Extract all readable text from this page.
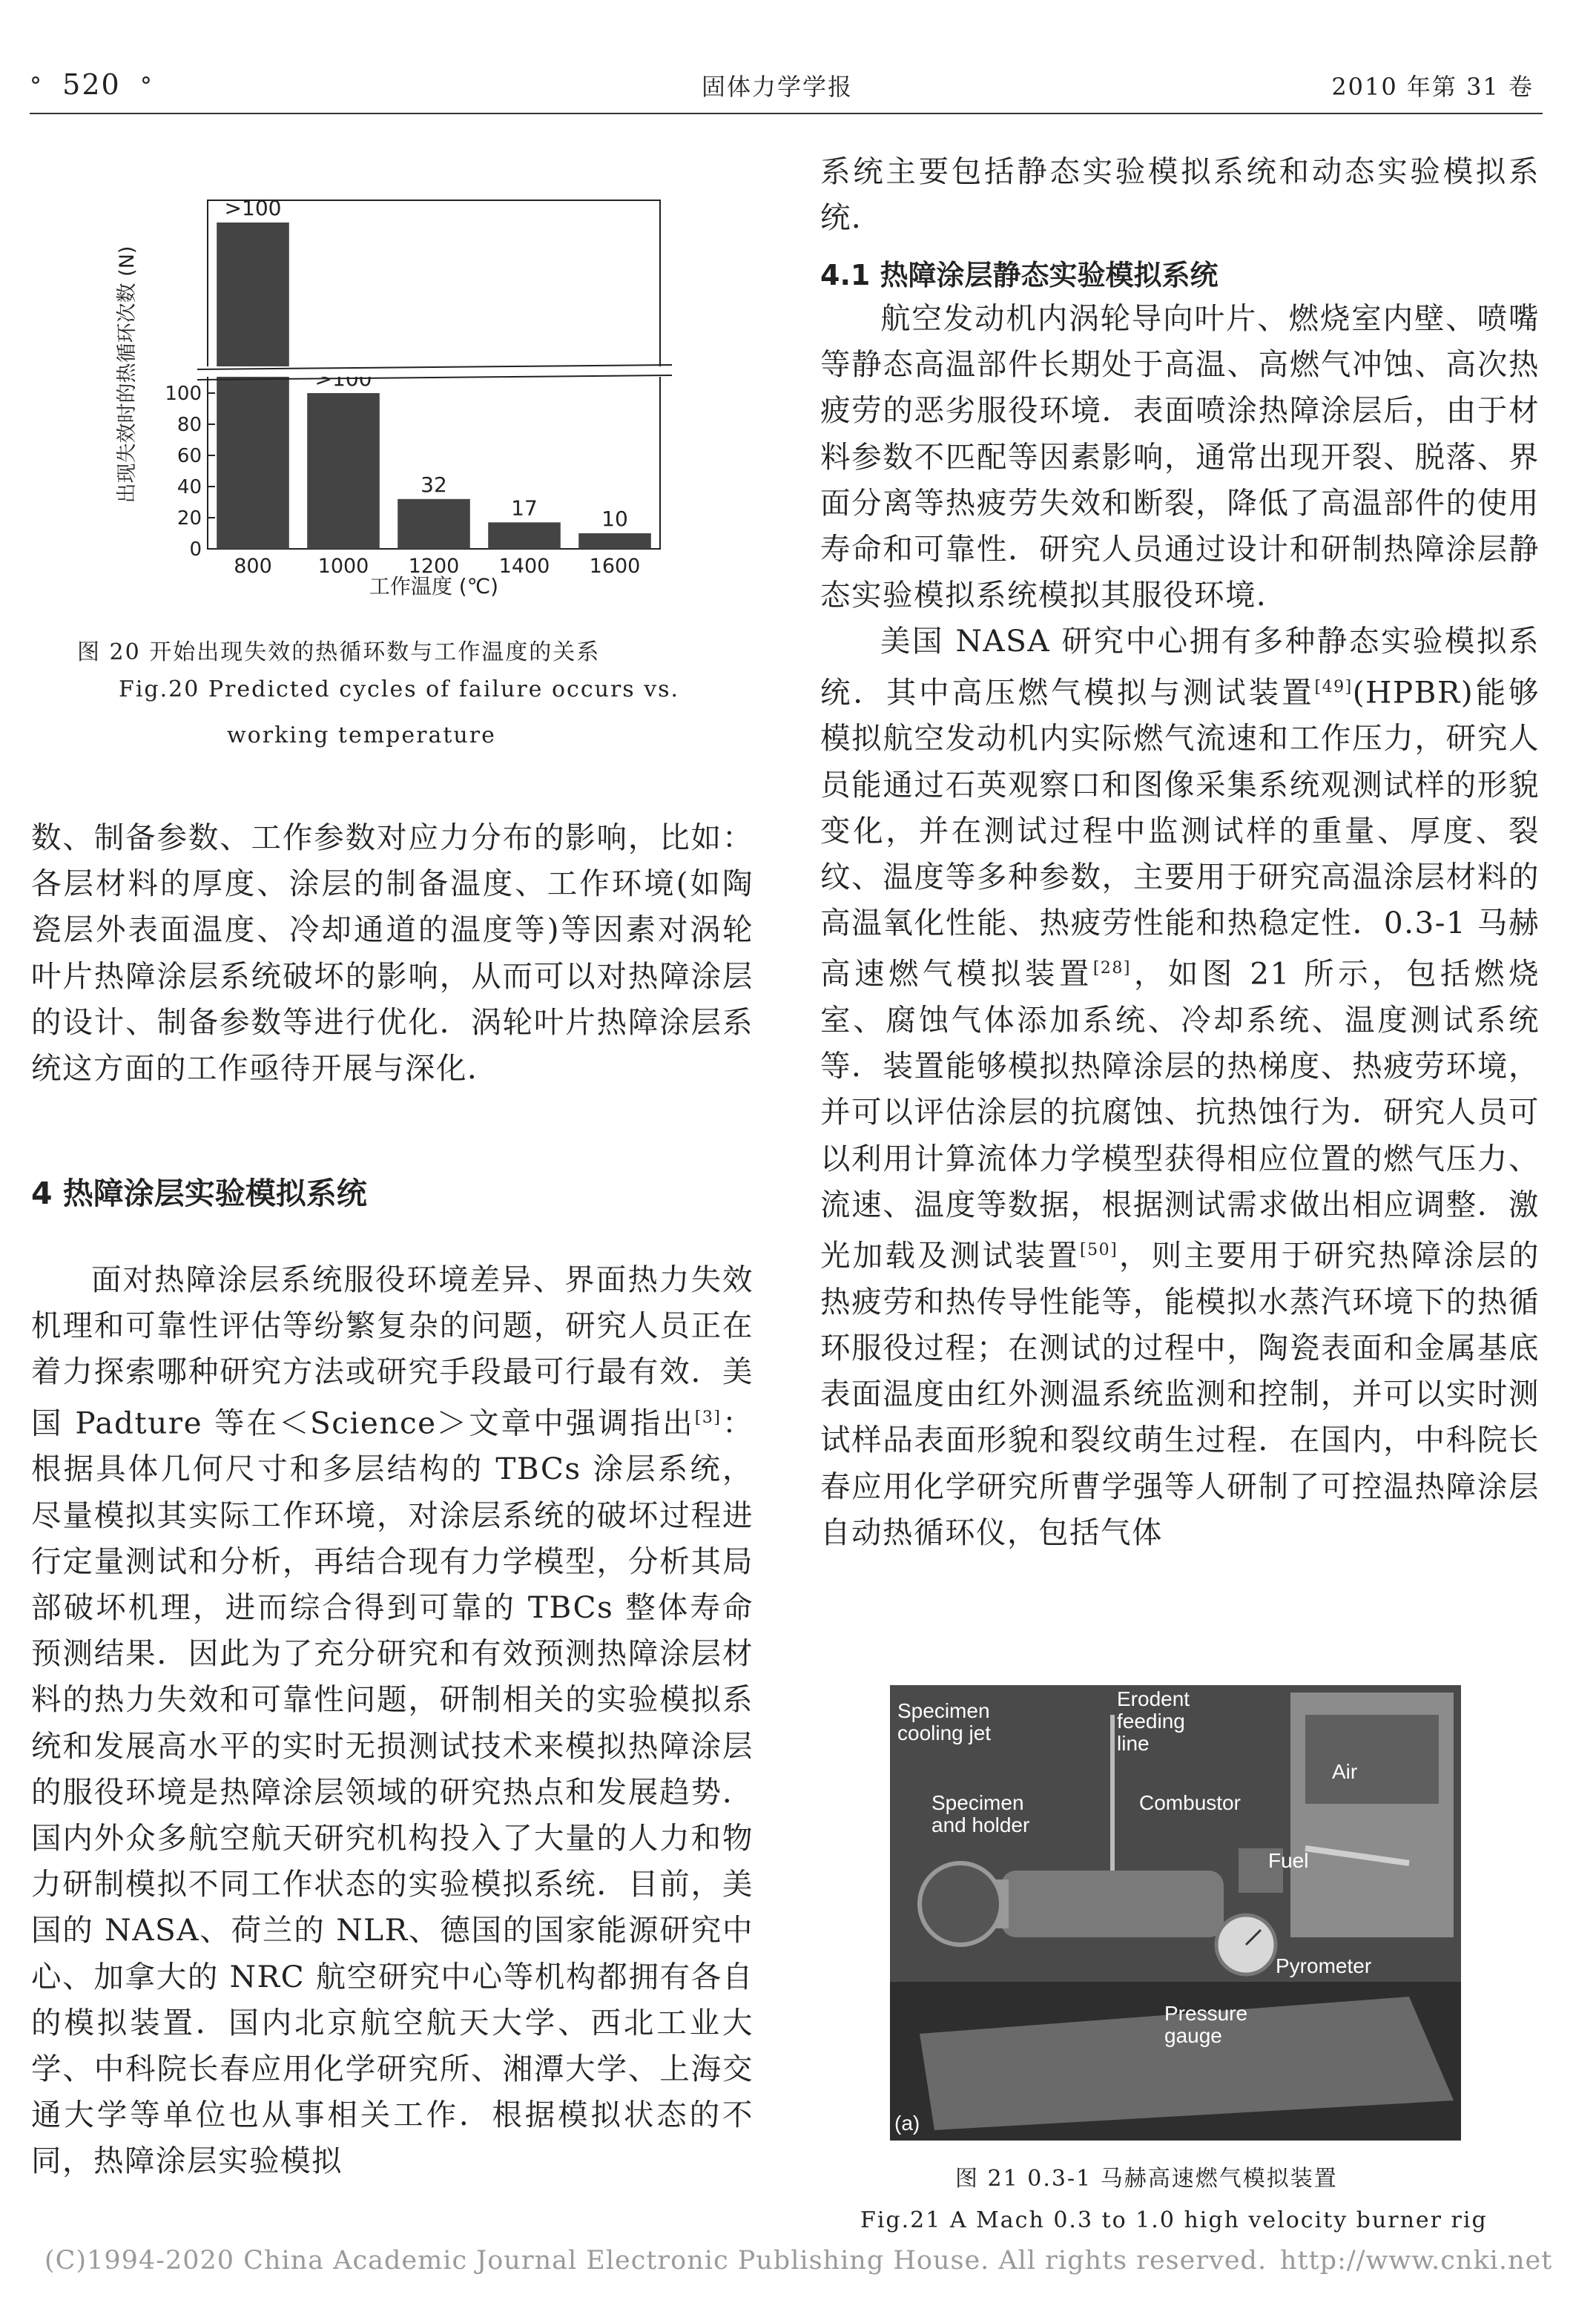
° 520 °	固体力学学报	2010 年第 31 卷
出现失效时的热循环次数 (N)
工作温度 (℃)
0
20
40
60
80
100
800 1000 1200 1400 1600
>100
32
17	10
图 20 开始出现失效的热循环数与工作温度的关系
Fig.20 Predicted cycles of failure occurs vs.
working temperature

数、制备参数、工作参数对应力分布的影响，比如：各层材料的厚度、涂层的制备温度、工作环境(如陶瓷层外表面温度、冷却通道的温度等)等因素对涡轮叶片热障涂层系统破坏的影响，从而可以对热障涂层的设计、制备参数等进行优化．涡轮叶片热障涂层系统这方面的工作亟待开展与深化．

4 热障涂层实验模拟系统

面对热障涂层系统服役环境差异、界面热力失效机理和可靠性评估等纷繁复杂的问题，研究人员正在着力探索哪种研究方法或研究手段最可行最有效．美国 Padture 等在＜Science＞文章中强调指出[3]：根据具体几何尺寸和多层结构的 TBCs 涂层系统，尽量模拟其实际工作环境，对涂层系统的破坏过程进行定量测试和分析，再结合现有力学模型，分析其局部破坏机理，进而综合得到可靠的 TBCs 整体寿命预测结果．因此为了充分研究和有效预测热障涂层材料的热力失效和可靠性问题，研制相关的实验模拟系统和发展高水平的实时无损测试技术来模拟热障涂层的服役环境是热障涂层领域的研究热点和发展趋势．国内外众多航空航天研究机构投入了大量的人力和物力研制模拟不同工作状态的实验模拟系统．目前，美国的 NASA、荷兰的 NLR、德国的国家能源研究中心、加拿大的 NRC 航空研究中心等机构都拥有各自的模拟装置．国内北京航空航天大学、西北工业大学、中科院长春应用化学研究所、湘潭大学、上海交通大学等单位也从事相关工作．根据模拟状态的不同，热障涂层实验模拟

系统主要包括静态实验模拟系统和动态实验模拟系统．

4.1 热障涂层静态实验模拟系统

航空发动机内涡轮导向叶片、燃烧室内壁、喷嘴等静态高温部件长期处于高温、高燃气冲蚀、高次热疲劳的恶劣服役环境．表面喷涂热障涂层后，由于材料参数不匹配等因素影响，通常出现开裂、脱落、界面分离等热疲劳失效和断裂，降低了高温部件的使用寿命和可靠性．研究人员通过设计和研制热障涂层静态实验模拟系统模拟其服役环境．

美国 NASA 研究中心拥有多种静态实验模拟系统．其中高压燃气模拟与测试装置[49](HPBR)能够模拟航空发动机内实际燃气流速和工作压力，研究人员能通过石英观察口和图像采集系统观测试样的形貌变化，并在测试过程中监测试样的重量、厚度、裂纹、温度等多种参数，主要用于研究高温涂层材料的高温氧化性能、热疲劳性能和热稳定性．0.3-1 马赫高速燃气模拟装置[28]，如图 21 所示，包括燃烧室、腐蚀气体添加系统、冷却系统、温度测试系统等．装置能够模拟热障涂层的热梯度、热疲劳环境，并可以评估涂层的抗腐蚀、抗热蚀行为．研究人员可以利用计算流体力学模型获得相应位置的燃气压力、流速、温度等数据，根据测试需求做出相应调整．激光加载及测试装置[50]，则主要用于研究热障涂层的热疲劳和热传导性能等，能模拟水蒸汽环境下的热循环服役过程；在测试的过程中，陶瓷表面和金属基底表面温度由红外测温系统监测和控制，并可以实时测试样品表面形貌和裂纹萌生过程．在国内，中科院长春应用化学研究所曹学强等人研制了可控温热障涂层自动热循环仪，包括气体

Specimen cooling jet
Erodent feeding line
Air
Specimen and holder
Combustor
Fuel
Pyrometer
Pressure gauge
(a)
图 21 0.3-1 马赫高速燃气模拟装置
Fig.21 A Mach 0.3 to 1.0 high velocity burner rig
(C)1994-2020 China Academic Journal Electronic Publishing House. All rights reserved. http://www.cnki.net
